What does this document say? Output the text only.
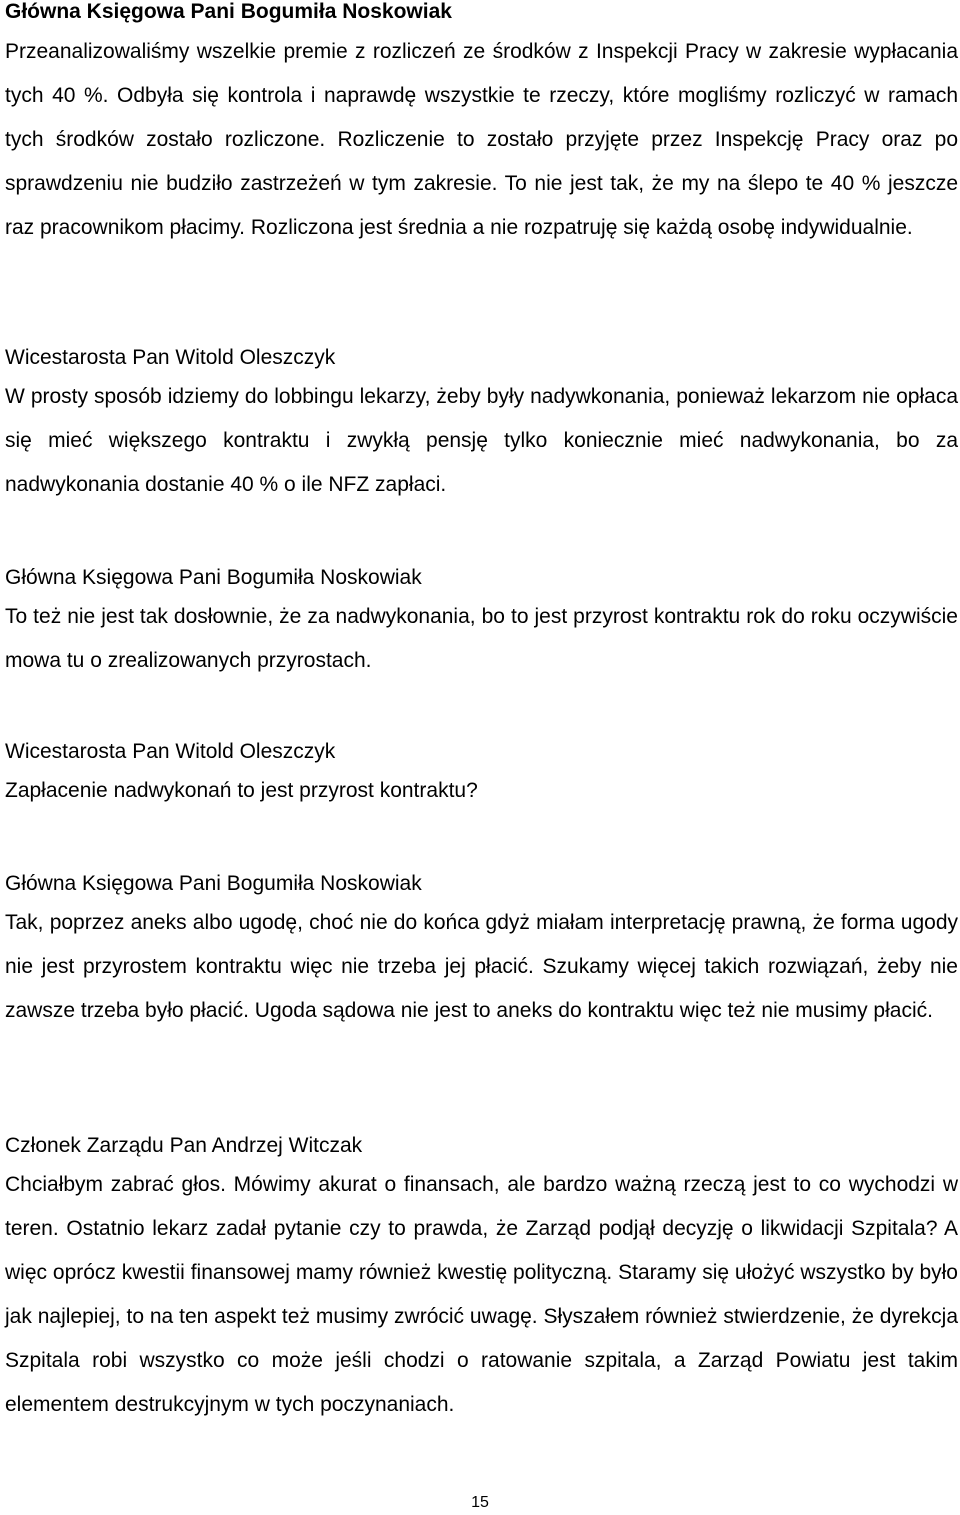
Główna Księgowa Pani Bogumiła Noskowiak

Przeanalizowaliśmy wszelkie premie z rozliczeń ze środków z Inspekcji Pracy w zakresie wypłacania tych 40 %. Odbyła się kontrola i naprawdę wszystkie te rzeczy, które mogliśmy rozliczyć w ramach tych środków zostało rozliczone. Rozliczenie to zostało przyjęte przez Inspekcję Pracy oraz po sprawdzeniu nie budziło zastrzeżeń w tym zakresie. To nie jest tak, że my na ślepo te 40 % jeszcze raz pracownikom płacimy. Rozliczona jest średnia a nie rozpatruję się każdą osobę indywidualnie.

Wicestarosta Pan Witold Oleszczyk

W prosty sposób idziemy do lobbingu lekarzy, żeby były nadywkonania, ponieważ lekarzom nie opłaca się mieć większego kontraktu i zwykłą pensję tylko koniecznie mieć nadwykonania, bo za nadwykonania dostanie 40 % o ile NFZ zapłaci.

Główna Księgowa Pani Bogumiła Noskowiak

To też nie jest tak dosłownie, że za nadwykonania, bo to jest przyrost kontraktu rok do roku oczywiście mowa tu o zrealizowanych przyrostach.

Wicestarosta Pan Witold Oleszczyk

Zapłacenie nadwykonań to jest przyrost kontraktu?

Główna Księgowa Pani Bogumiła Noskowiak

Tak, poprzez aneks albo ugodę, choć nie do końca gdyż miałam interpretację prawną, że forma ugody nie jest przyrostem kontraktu więc nie trzeba jej płacić. Szukamy więcej takich rozwiązań, żeby nie zawsze trzeba było płacić. Ugoda sądowa nie jest to aneks do kontraktu więc też nie musimy płacić.

Członek Zarządu Pan Andrzej Witczak

Chciałbym zabrać głos. Mówimy akurat o finansach, ale bardzo ważną rzeczą jest to co wychodzi w teren. Ostatnio lekarz zadał pytanie czy to prawda, że Zarząd podjął decyzję o likwidacji Szpitala? A więc oprócz kwestii finansowej mamy również kwestię polityczną. Staramy się ułożyć wszystko by było jak najlepiej, to na ten aspekt też musimy zwrócić uwagę. Słyszałem również stwierdzenie, że dyrekcja Szpitala robi wszystko co może jeśli chodzi o ratowanie szpitala, a Zarząd Powiatu jest takim elementem destrukcyjnym w tych poczynaniach.

15
